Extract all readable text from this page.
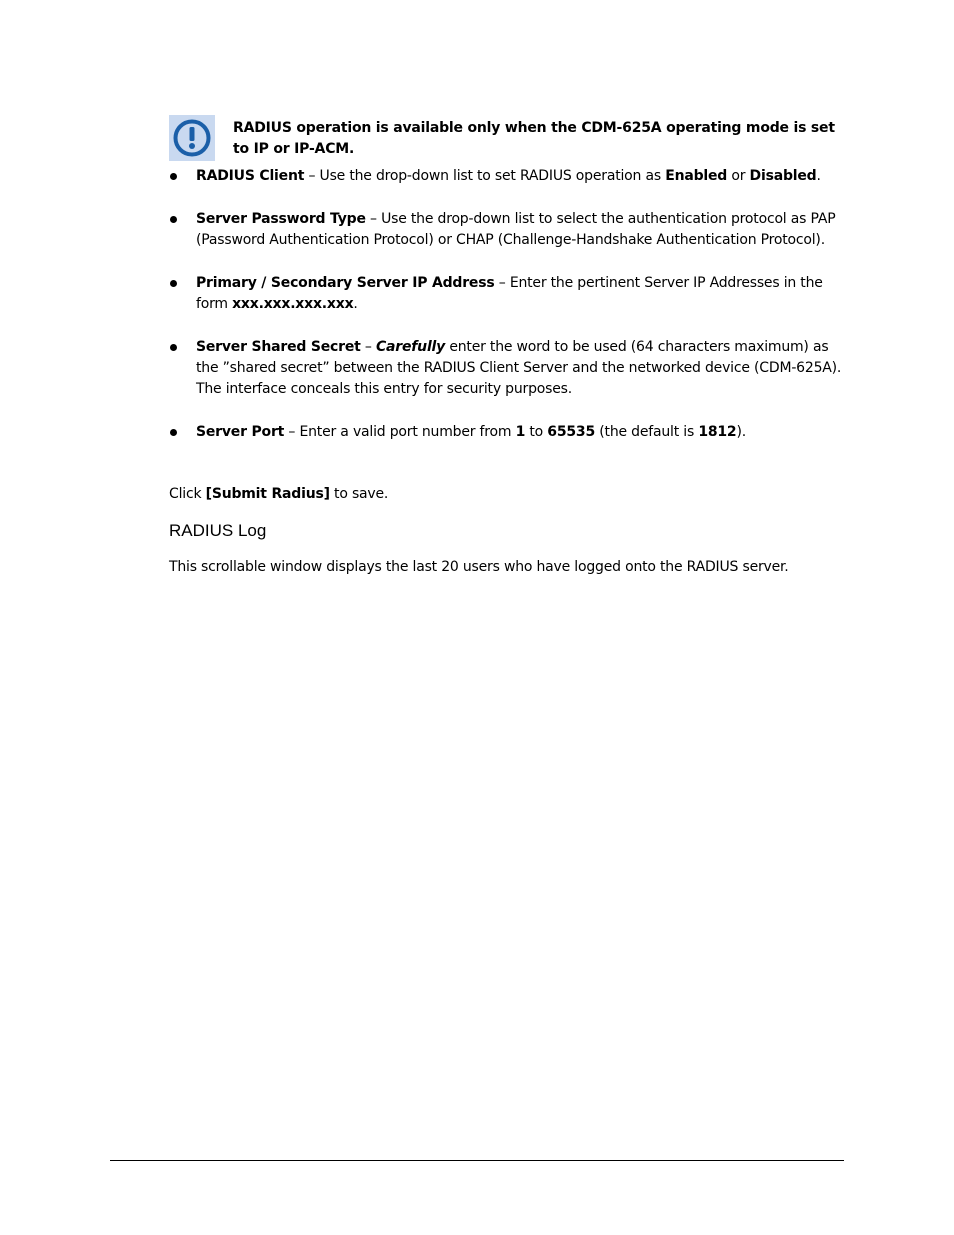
RADIUS operation is available only when the CDM-625A operating mode is set to IP or IP-ACM.
RADIUS Client – Use the drop-down list to set RADIUS operation as Enabled or Disabled.
Server Password Type – Use the drop-down list to select the authentication protocol as PAP (Password Authentication Protocol) or CHAP (Challenge-Handshake Authentication Protocol).
Primary / Secondary Server IP Address – Enter the pertinent Server IP Addresses in the form xxx.xxx.xxx.xxx.
Server Shared Secret – Carefully enter the word to be used (64 characters maximum) as the ”shared secret” between the RADIUS Client Server and the networked device (CDM-625A). The interface conceals this entry for security purposes.
Server Port – Enter a valid port number from 1 to 65535 (the default is 1812).
Click [Submit Radius] to save.
RADIUS Log
This scrollable window displays the last 20 users who have logged onto the RADIUS server.
